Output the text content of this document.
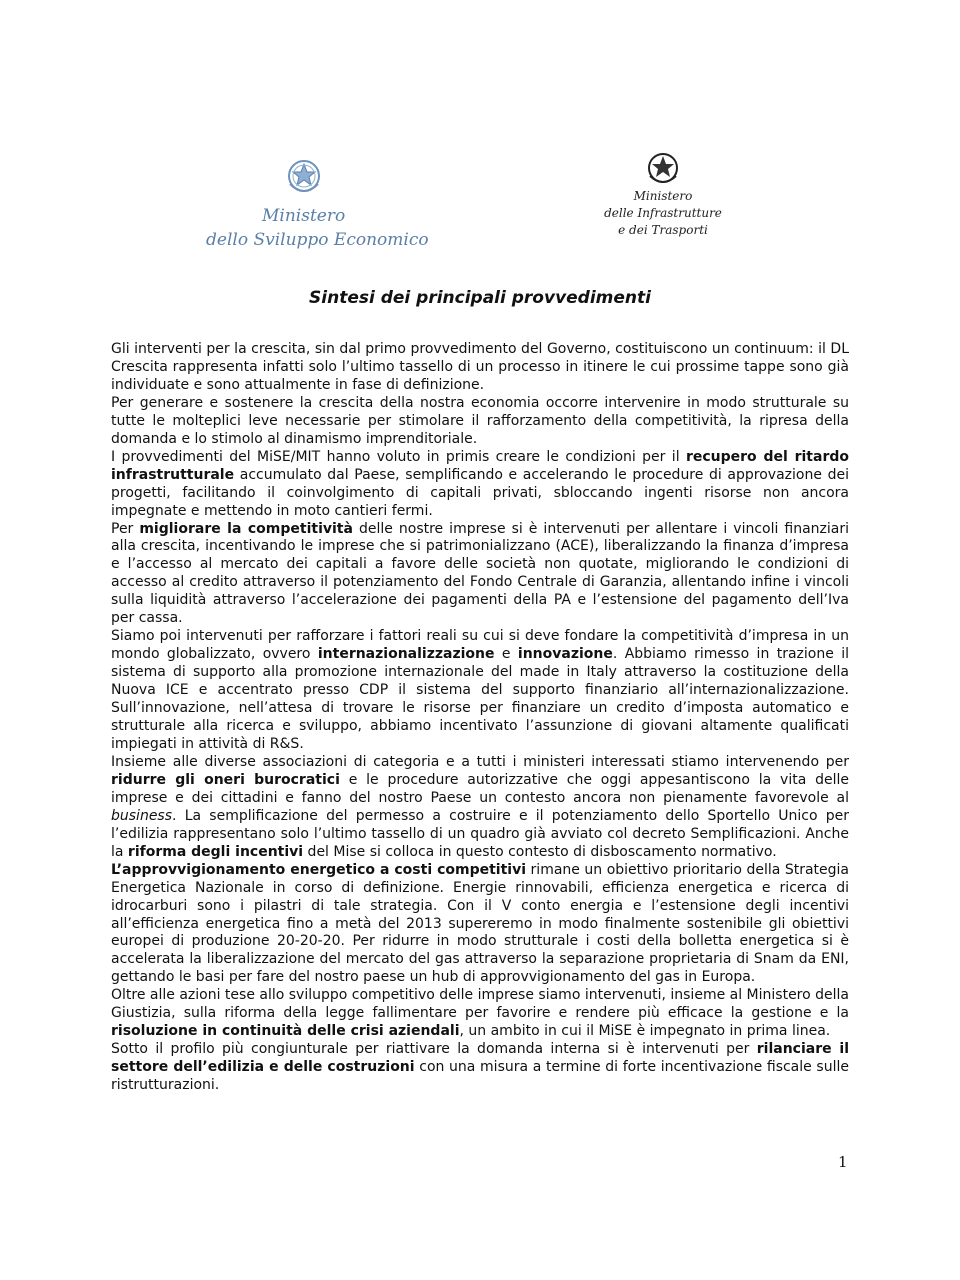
Ministero
dello Sviluppo Economico
Ministero
delle Infrastrutture
e dei Trasporti
Sintesi dei principali provvedimenti

Gli interventi per la crescita, sin dal primo provvedimento del Governo, costituiscono un continuum: il DL Crescita rappresenta infatti solo l’ultimo tassello di un processo in itinere le cui prossime tappe sono già individuate e sono attualmente in fase di definizione.

Per generare e sostenere la crescita della nostra economia occorre intervenire in modo strutturale su tutte le molteplici leve necessarie per stimolare il rafforzamento della competitività, la ripresa della domanda e lo stimolo al dinamismo imprenditoriale.

I provvedimenti del MiSE/MIT hanno voluto in primis creare le condizioni per il recupero del ritardo infrastrutturale accumulato dal Paese, semplificando e accelerando le procedure di approvazione dei progetti, facilitando il coinvolgimento di capitali privati, sbloccando ingenti risorse non ancora impegnate e mettendo in moto cantieri fermi.

Per migliorare la competitività delle nostre imprese si è intervenuti per allentare i vincoli finanziari alla crescita, incentivando le imprese che si patrimonializzano (ACE), liberalizzando la finanza d’impresa e l’accesso al mercato dei capitali a favore delle società non quotate, migliorando le condizioni di accesso al credito attraverso il potenziamento del Fondo Centrale di Garanzia, allentando infine i vincoli sulla liquidità attraverso l’accelerazione dei pagamenti della PA e l’estensione del pagamento dell’Iva per cassa.

Siamo poi intervenuti per rafforzare i fattori reali su cui si deve fondare la competitività d’impresa in un mondo globalizzato, ovvero internazionalizzazione e innovazione. Abbiamo rimesso in trazione il sistema di supporto alla promozione internazionale del made in Italy attraverso la costituzione della Nuova ICE e accentrato presso CDP il sistema del supporto finanziario all’internazionalizzazione. Sull’innovazione, nell’attesa di trovare le risorse per finanziare un credito d’imposta automatico e strutturale alla ricerca e sviluppo, abbiamo incentivato l’assunzione di giovani altamente qualificati impiegati in attività di R&S.

Insieme alle diverse associazioni di categoria e a tutti i ministeri interessati stiamo intervenendo per ridurre gli oneri burocratici e le procedure autorizzative che oggi appesantiscono la vita delle imprese e dei cittadini e fanno del nostro Paese un contesto ancora non pienamente favorevole al business. La semplificazione del permesso a costruire e il potenziamento dello Sportello Unico per l’edilizia rappresentano solo l’ultimo tassello di un quadro già avviato col decreto Semplificazioni. Anche la riforma degli incentivi del Mise si colloca in questo contesto di disboscamento normativo.

L’approvvigionamento energetico a costi competitivi rimane un obiettivo prioritario della Strategia Energetica Nazionale in corso di definizione. Energie rinnovabili, efficienza energetica e ricerca di idrocarburi sono i pilastri di tale strategia. Con il V conto energia e l’estensione degli incentivi all’efficienza energetica fino a metà del 2013 supereremo in modo finalmente sostenibile gli obiettivi europei di produzione 20-20-20. Per ridurre in modo strutturale i costi della bolletta energetica si è accelerata la liberalizzazione del mercato del gas attraverso la separazione proprietaria di Snam da ENI, gettando le basi per fare del nostro paese un hub di approvvigionamento del gas in Europa.

Oltre alle azioni tese allo sviluppo competitivo delle imprese siamo intervenuti, insieme al Ministero della Giustizia, sulla riforma della legge fallimentare per favorire e rendere più efficace la gestione e la risoluzione in continuità delle crisi aziendali, un ambito in cui il MiSE è impegnato in prima linea.

Sotto il profilo più congiunturale per riattivare la domanda interna si è intervenuti per rilanciare il settore dell’edilizia e delle costruzioni con una misura a termine di forte incentivazione fiscale sulle ristrutturazioni.

1
